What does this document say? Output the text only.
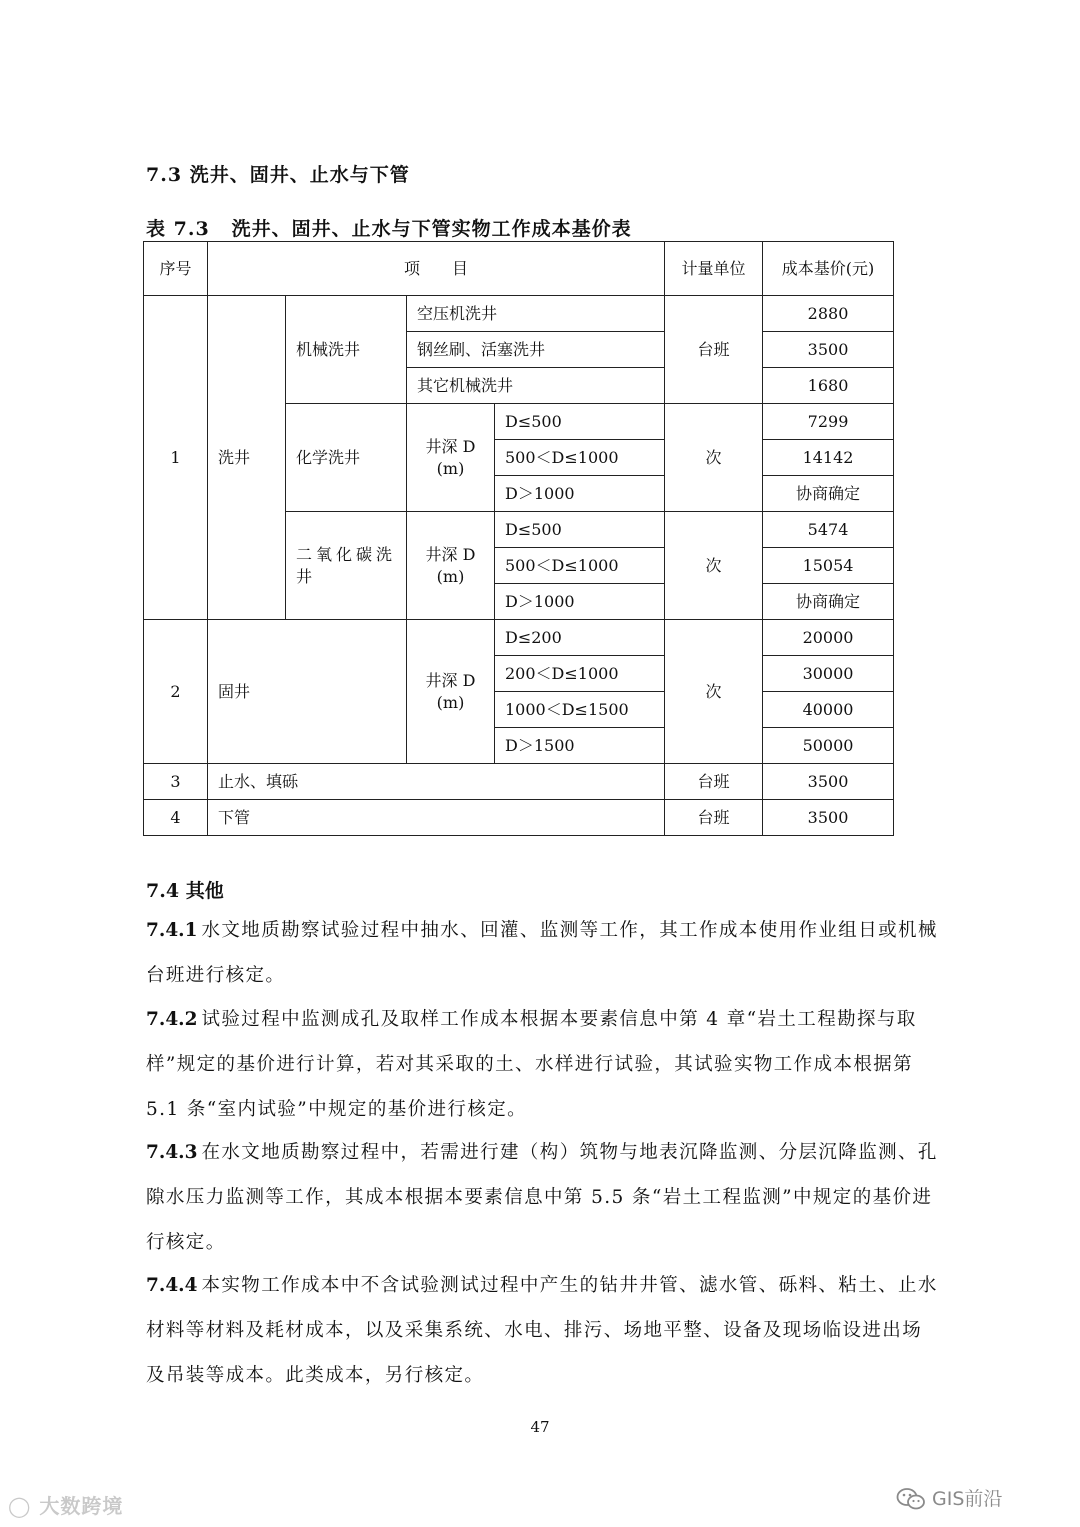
7.3 洗井、固井、止水与下管
表 7.3 洗井、固井、止水与下管实物工作成本基价表
序号	项　　目				计量单位	成本基价(元)
1	洗井	机械洗井	空压机洗井		台班	2880
			钢丝刷、活塞洗井			3500
			其它机械洗井			1680
		化学洗井	井深 D (m)	D≤500	次	7299
				500＜D≤1000		14142
				D＞1000		协商确定
		二氧化碳洗井	井深 D (m)	D≤500	次	5474
				500＜D≤1000		15054
				D＞1000		协商确定
2	固井		井深 D (m)	D≤200	次	20000
				200＜D≤1000		30000
				1000＜D≤1500		40000
				D＞1500		50000
3	止水、填砾				台班	3500
4	下管				台班	3500
7.4 其他
7.4.1 水文地质勘察试验过程中抽水、回灌、监测等工作，其工作成本使用作业组日或机械台班进行核定。
7.4.2 试验过程中监测成孔及取样工作成本根据本要素信息中第 4 章“岩土工程勘探与取样”规定的基价进行计算，若对其采取的土、水样进行试验，其试验实物工作成本根据第 5.1 条“室内试验”中规定的基价进行核定。
7.4.3 在水文地质勘察过程中，若需进行建（构）筑物与地表沉降监测、分层沉降监测、孔隙水压力监测等工作，其成本根据本要素信息中第 5.5 条“岩土工程监测”中规定的基价进行核定。
7.4.4 本实物工作成本中不含试验测试过程中产生的钻井井管、滤水管、砾料、粘土、止水材料等材料及耗材成本，以及采集系统、水电、排污、场地平整、设备及现场临设进出场及吊装等成本。此类成本，另行核定。
47
◯ 大数跨境	GIS前沿
